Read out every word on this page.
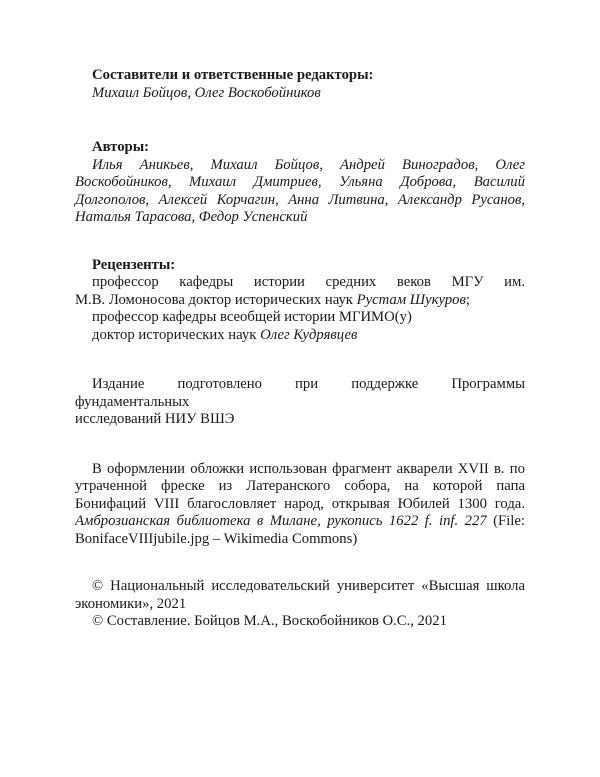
Составители и ответственные редакторы:
Михаил Бойцов, Олег Воскобойников
Авторы:
Илья Аникьев, Михаил Бойцов, Андрей Виноградов, Олег
Воскобойников, Михаил Дмитриев, Ульяна Доброва, Василий
Долгополов, Алексей Корчагин, Анна Литвина, Александр Русанов,
Наталья Тарасова, Федор Успенский
Рецензенты:
профессор кафедры истории средних веков МГУ им.
М.В. Ломоносова доктор исторических наук Рустам Шукуров;
профессор кафедры всеобщей истории МГИМО(у)
доктор исторических наук Олег Кудрявцев
Издание подготовлено при поддержке Программы фундаментальных
исследований НИУ ВШЭ
В оформлении обложки использован фрагмент акварели XVII в. по
утраченной фреске из Латеранского собора, на которой папа
Бонифаций VIII благословляет народ, открывая Юбилей 1300 года.
Амброзианская библиотека в Милане, рукопись 1622 f. inf. 227 (File:
BonifaceVIIIjubile.jpg – Wikimedia Commons)
© Национальный исследовательский университет «Высшая школа
экономики», 2021
© Составление. Бойцов М.А., Воскобойников О.С., 2021
